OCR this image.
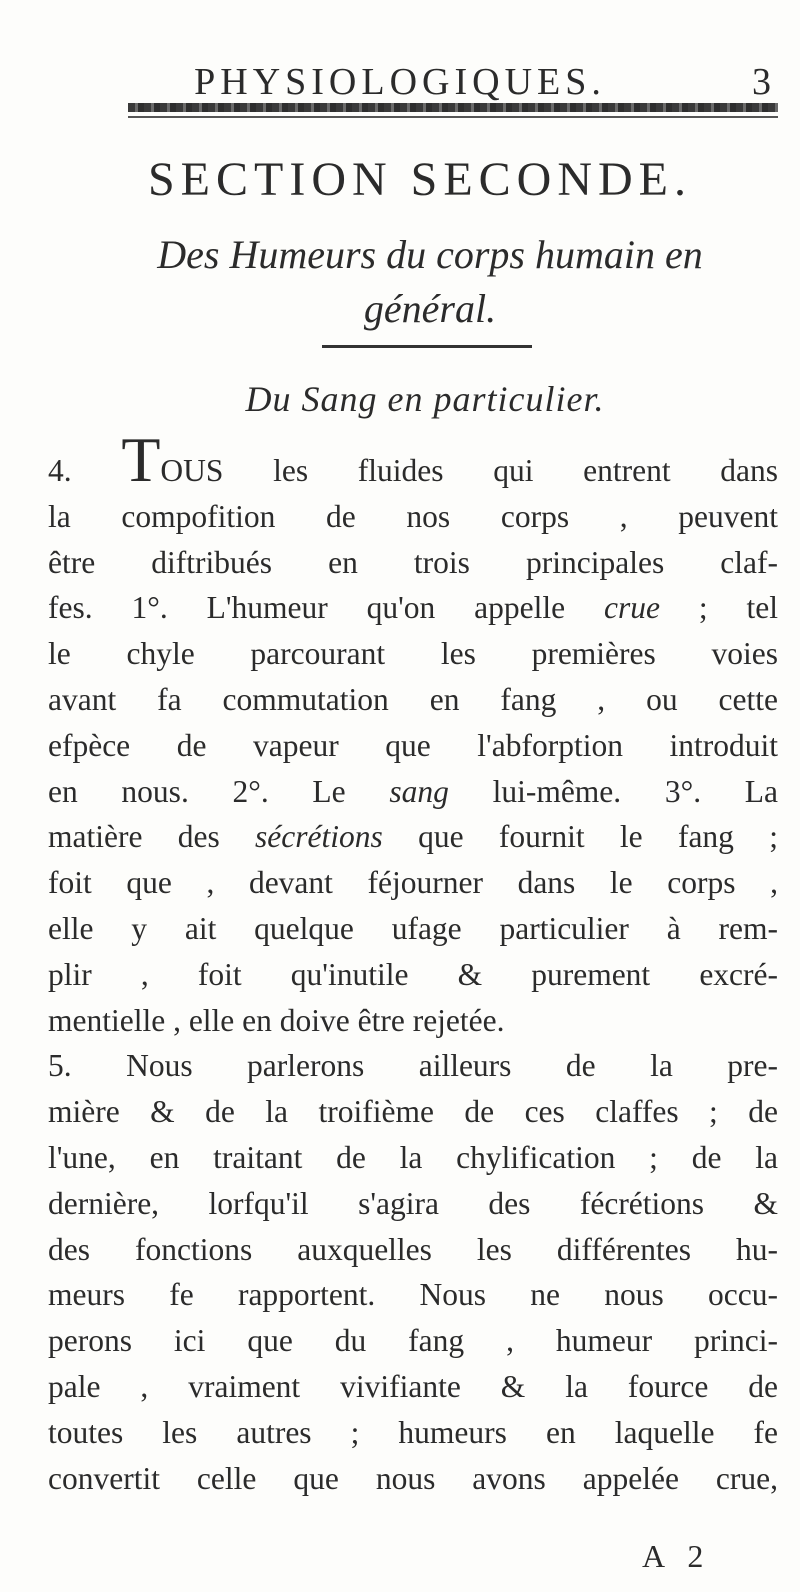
PHYSIOLOGIQUES.	3
SECTION SECONDE.
Des Humeurs du corps humain en
général.
Du Sang en particulier.
4. TOUS les fluides qui entrent dans
la compofition de nos corps , peuvent
être diftribués en trois principales claf-
fes. 1°. L'humeur qu'on appelle crue ; tel
le chyle parcourant les premières voies
avant fa commutation en fang , ou cette
efpèce de vapeur que l'abforption introduit
en nous. 2°. Le sang lui-même. 3°. La
matière des sécrétions que fournit le fang ;
foit que , devant féjourner dans le corps ,
elle y ait quelque ufage particulier à rem-
plir , foit qu'inutile & purement excré-
mentielle , elle en doive être rejetée.
5. Nous parlerons ailleurs de la pre-
mière & de la troifième de ces claffes ; de
l'une, en traitant de la chylification ; de la
dernière, lorfqu'il s'agira des fécrétions &
des fonctions auxquelles les différentes hu-
meurs fe rapportent. Nous ne nous occu-
perons ici que du fang , humeur princi-
pale , vraiment vivifiante & la fource de
toutes les autres ; humeurs en laquelle fe
convertit celle que nous avons appelée crue,
A 2
